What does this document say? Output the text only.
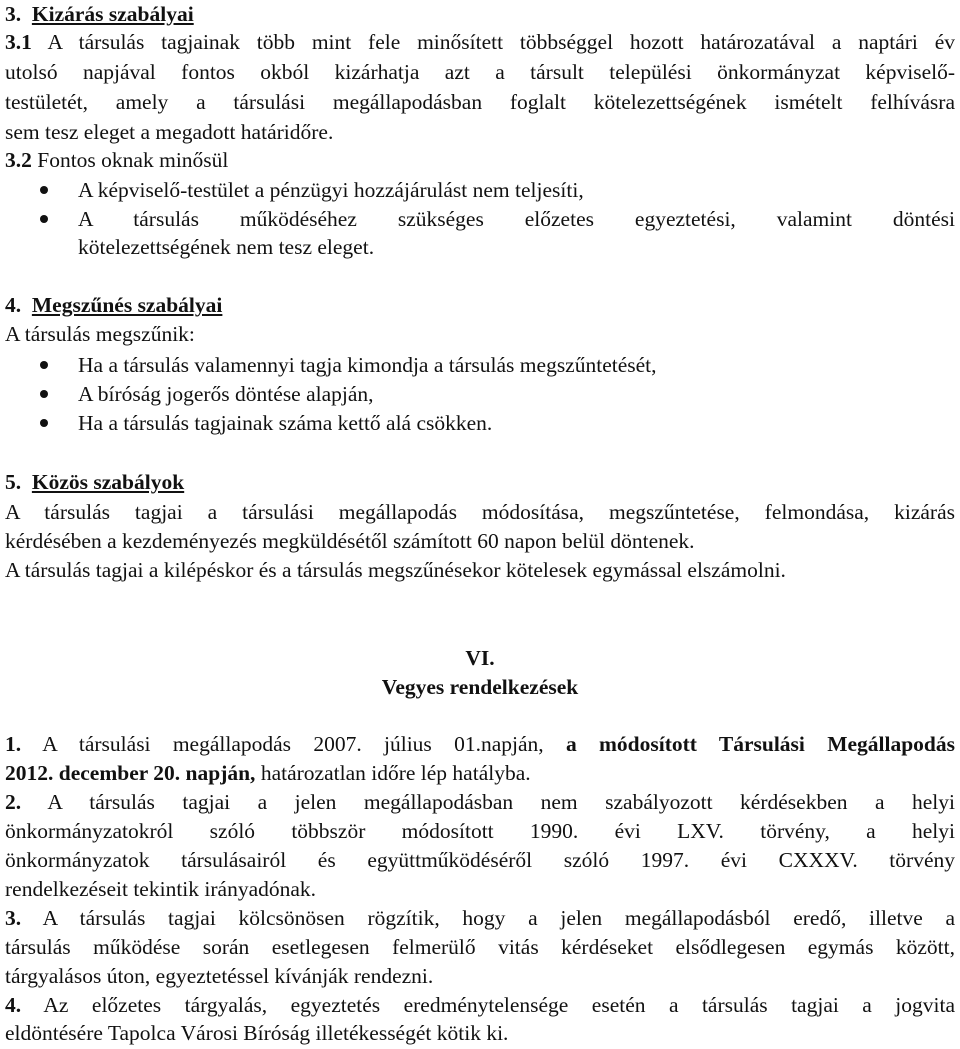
3. Kizárás szabályai
3.1 A társulás tagjainak több mint fele minősített többséggel hozott határozatával a naptári év
utolsó napjával fontos okból kizárhatja azt a társult települési önkormányzat képviselő-
testületét, amely a társulási megállapodásban foglalt kötelezettségének ismételt felhívásra
sem tesz eleget a megadott határidőre.
3.2 Fontos oknak minősül
A képviselő-testület a pénzügyi hozzájárulást nem teljesíti,
A társulás működéséhez szükséges előzetes egyeztetési, valamint döntési
kötelezettségének nem tesz eleget.
4. Megszűnés szabályai
A társulás megszűnik:
Ha a társulás valamennyi tagja kimondja a társulás megszűntetését,
A bíróság jogerős döntése alapján,
Ha a társulás tagjainak száma kettő alá csökken.
5. Közös szabályok
A társulás tagjai a társulási megállapodás módosítása, megszűntetése, felmondása, kizárás
kérdésében a kezdeményezés megküldésétől számított 60 napon belül döntenek.
A társulás tagjai a kilépéskor és a társulás megszűnésekor kötelesek egymással elszámolni.
VI.
Vegyes rendelkezések
1. A társulási megállapodás 2007. július 01.napján, a módosított Társulási Megállapodás
2012. december 20. napján, határozatlan időre lép hatályba.
2. A társulás tagjai a jelen megállapodásban nem szabályozott kérdésekben a helyi
önkormányzatokról szóló többször módosított 1990. évi LXV. törvény, a helyi
önkormányzatok társulásairól és együttműködéséről szóló 1997. évi CXXXV. törvény
rendelkezéseit tekintik irányadónak.
3. A társulás tagjai kölcsönösen rögzítik, hogy a jelen megállapodásból eredő, illetve a
társulás működése során esetlegesen felmerülő vitás kérdéseket elsődlegesen egymás között,
tárgyalásos úton, egyeztetéssel kívánják rendezni.
4. Az előzetes tárgyalás, egyeztetés eredménytelensége esetén a társulás tagjai a jogvita
eldöntésére Tapolca Városi Bíróság illetékességét kötik ki.
